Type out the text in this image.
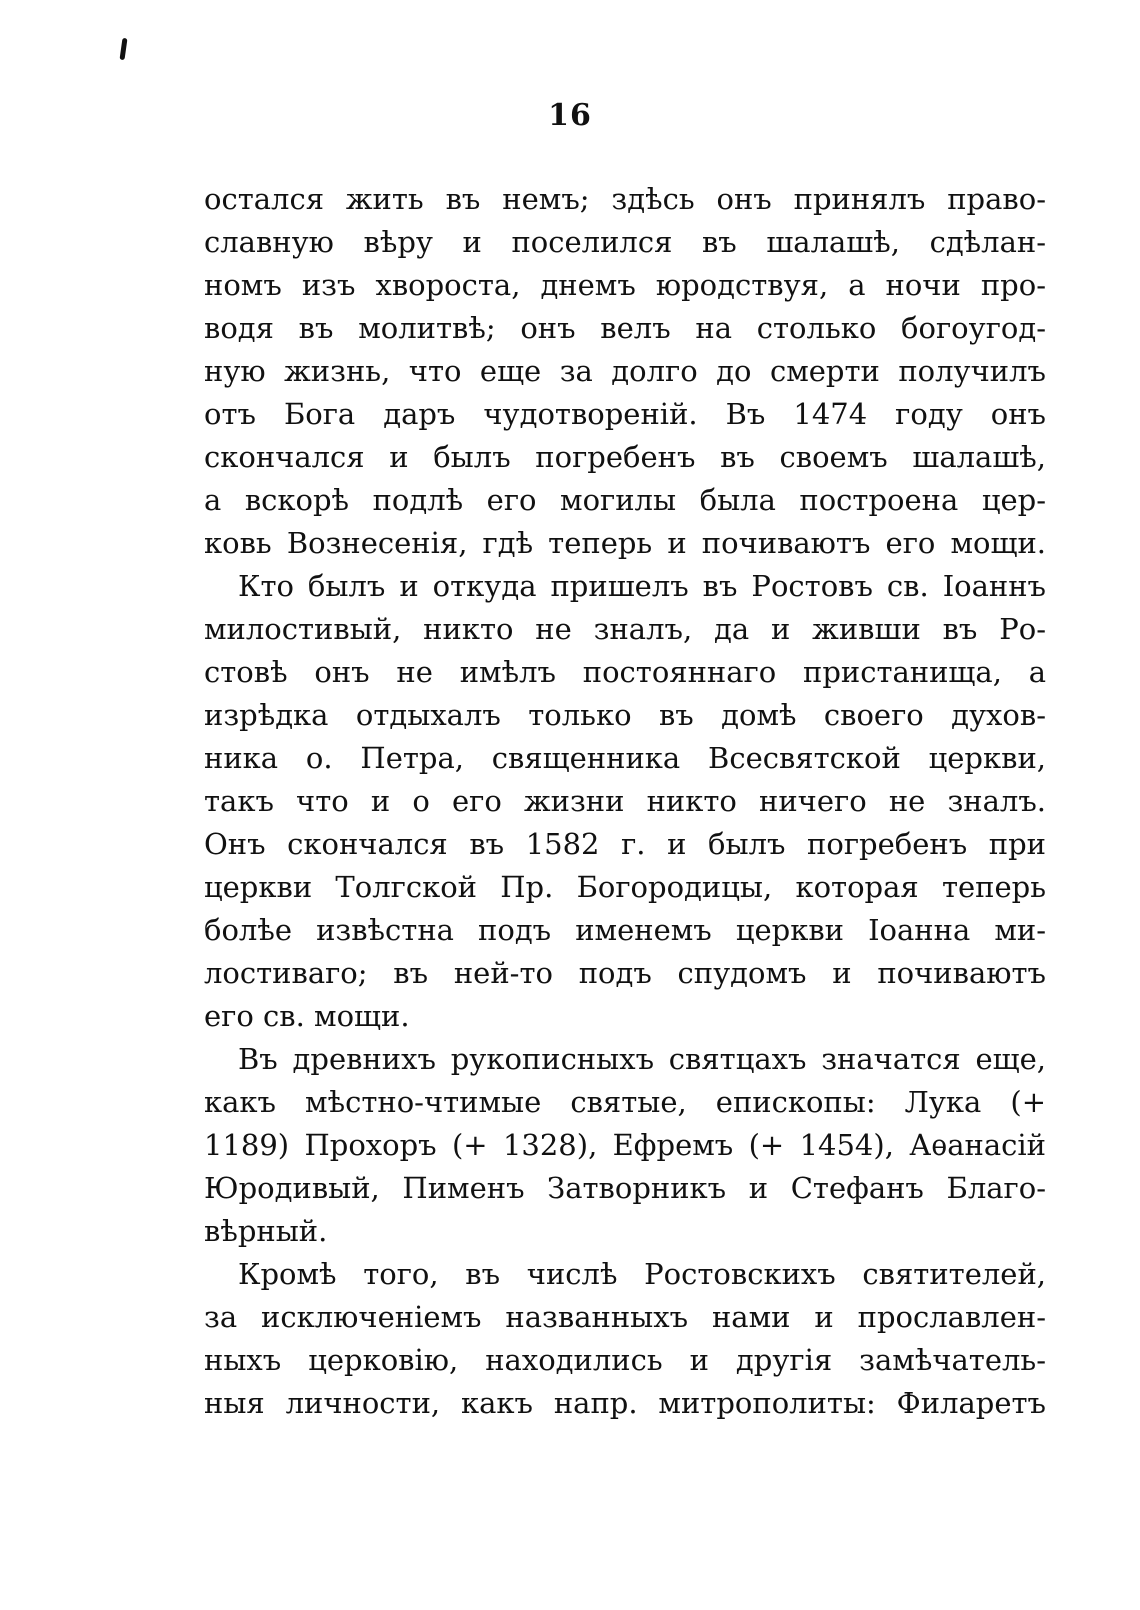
16

остался жить въ немъ; здѣсь онъ принялъ право-
славную вѣру и поселился въ шалашѣ, сдѣлан-
номъ изъ хвороста, днемъ юродствуя, а ночи про-
водя въ молитвѣ; онъ велъ на столько богоугод-
ную жизнь, что еще за долго до смерти получилъ
отъ Бога даръ чудотвореній. Въ 1474 году онъ
скончался и былъ погребенъ въ своемъ шалашѣ,
а вскорѣ подлѣ его могилы была построена цер-
ковь Вознесенія, гдѣ теперь и почиваютъ его мощи.

Кто былъ и откуда пришелъ въ Ростовъ св. Іоаннъ
милостивый, никто не зналъ, да и живши въ Ро-
стовѣ онъ не имѣлъ постояннаго пристанища, а
изрѣдка отдыхалъ только въ домѣ своего духов-
ника о. Петра, священника Всесвятской церкви,
такъ что и о его жизни никто ничего не зналъ.
Онъ скончался въ 1582 г. и былъ погребенъ при
церкви Толгской Пр. Богородицы, которая теперь
болѣе извѣстна подъ именемъ церкви Іоанна ми-
лостиваго; въ ней-то подъ спудомъ и почиваютъ
его св. мощи.

Въ древнихъ рукописныхъ святцахъ значатся еще,
какъ мѣстно-чтимые святые, епископы: Лука (+
1189) Прохоръ (+ 1328), Ефремъ (+ 1454), Аѳанасій
Юродивый, Пименъ Затворникъ и Стефанъ Благо-
вѣрный.

Кромѣ того, въ числѣ Ростовскихъ святителей,
за исключеніемъ названныхъ нами и прославлен-
ныхъ церковію, находились и другія замѣчатель-
ныя личности, какъ напр. митрополиты: Филаретъ
